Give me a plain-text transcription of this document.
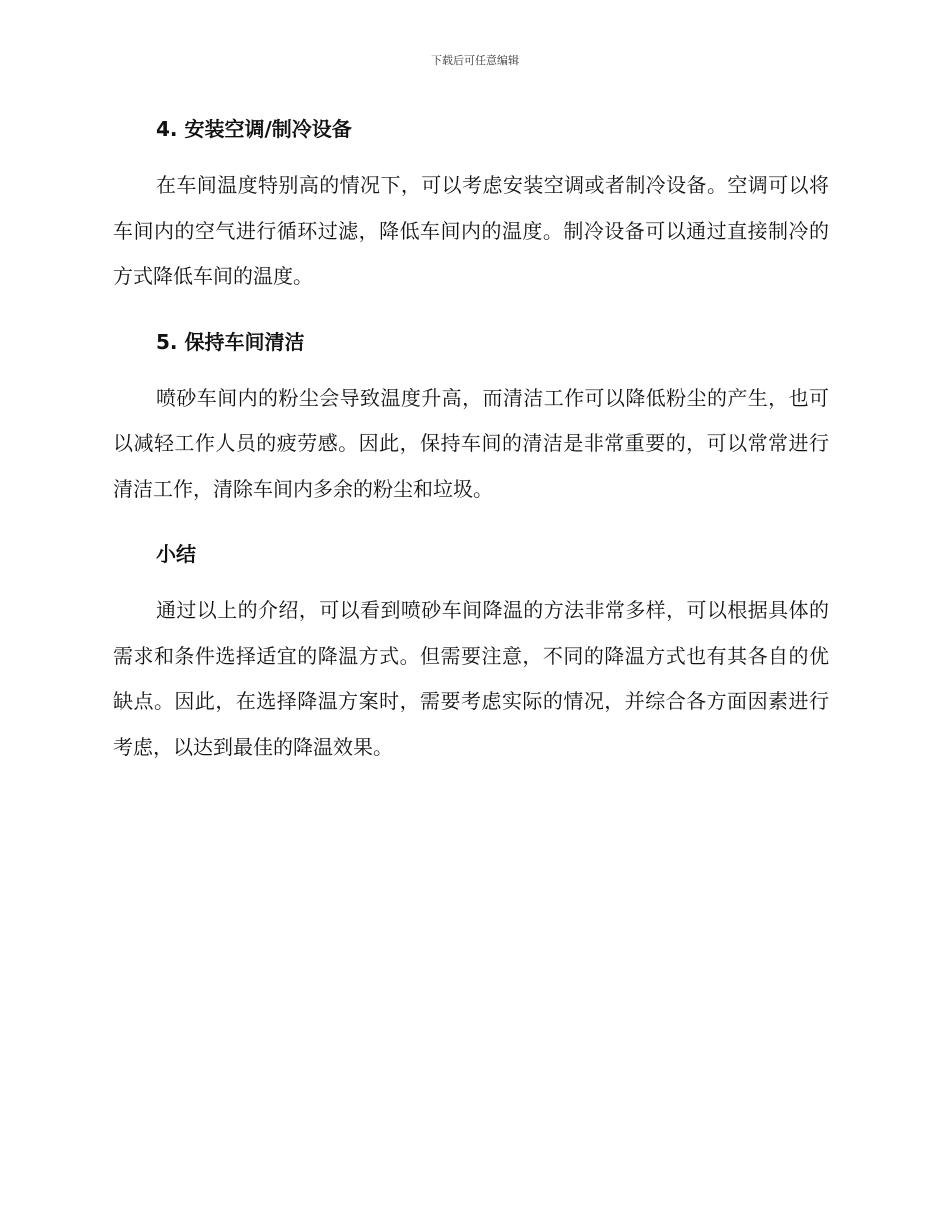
下载后可任意编辑
4. 安装空调/制冷设备

在车间温度特别高的情况下，可以考虑安装空调或者制冷设备。空调可以将车间内的空气进行循环过滤，降低车间内的温度。制冷设备可以通过直接制冷的方式降低车间的温度。

5. 保持车间清洁

喷砂车间内的粉尘会导致温度升高，而清洁工作可以降低粉尘的产生，也可以减轻工作人员的疲劳感。因此，保持车间的清洁是非常重要的，可以常常进行清洁工作，清除车间内多余的粉尘和垃圾。

小结

通过以上的介绍，可以看到喷砂车间降温的方法非常多样，可以根据具体的需求和条件选择适宜的降温方式。但需要注意，不同的降温方式也有其各自的优缺点。因此，在选择降温方案时，需要考虑实际的情况，并综合各方面因素进行考虑，以达到最佳的降温效果。
